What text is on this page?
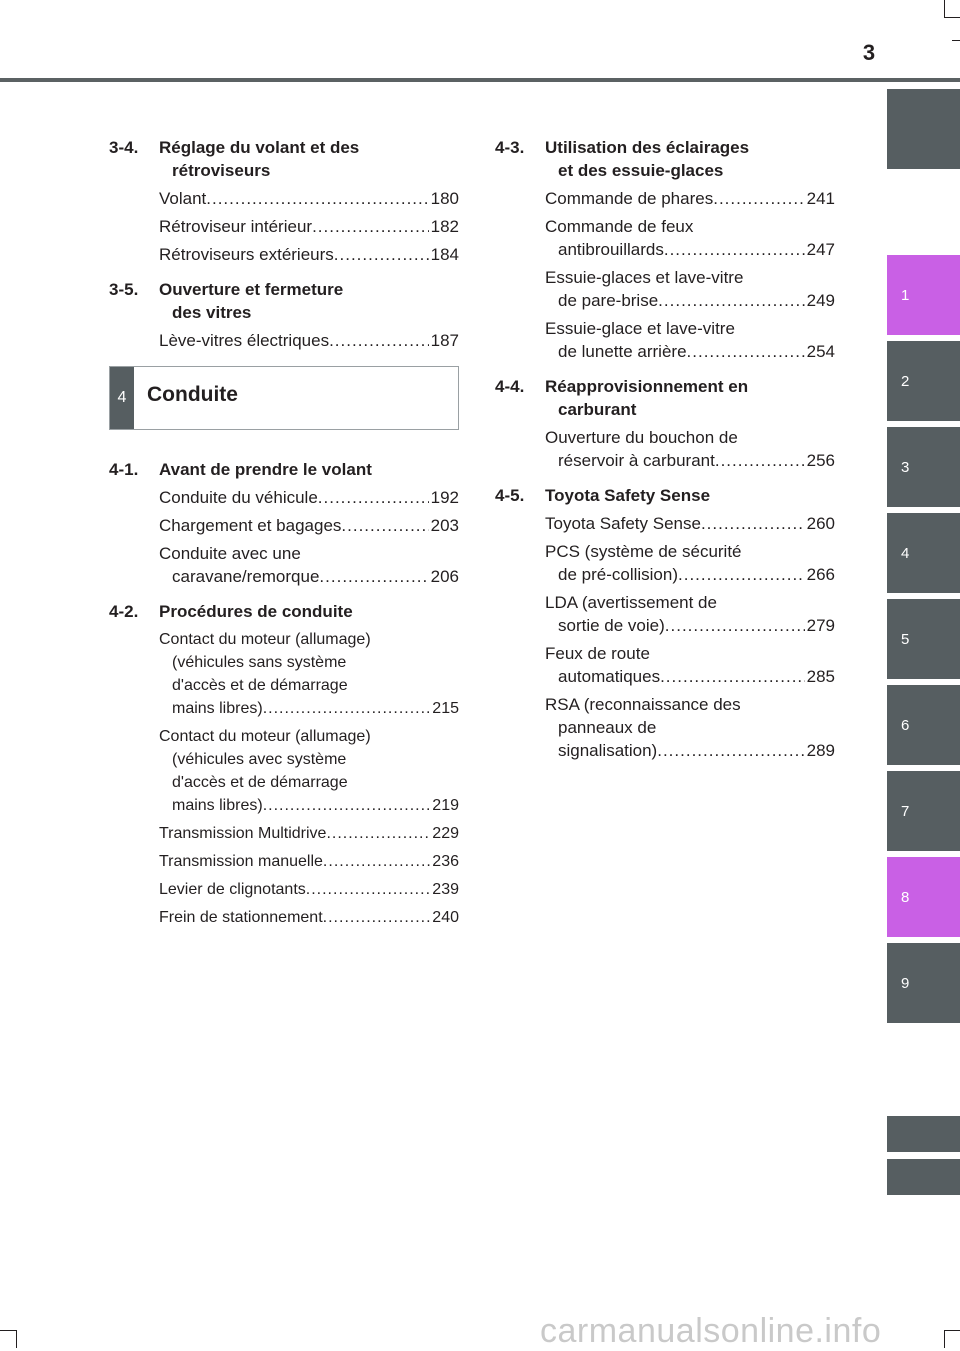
3
1
2
3
4
5
6
7
8
9
3-4.	Réglage du volant et des
rétroviseurs
Volant .....	180
Rétroviseur intérieur .....	182
Rétroviseurs extérieurs .....	184
3-5.	Ouverture et fermeture
des vitres
Lève-vitres électriques .....	187
4 Conduite
4-1.	Avant de prendre le volant
Conduite du véhicule .....	192
Chargement et bagages .....	203
Conduite avec une
caravane/remorque .....	206
4-2.	Procédures de conduite
Contact du moteur (allumage)
(véhicules sans système
d'accès et de démarrage
mains libres) .....	215
Contact du moteur (allumage)
(véhicules avec système
d'accès et de démarrage
mains libres) .....	219
Transmission Multidrive .....	229
Transmission manuelle .....	236
Levier de clignotants .....	239
Frein de stationnement .....	240
4-3.	Utilisation des éclairages
et des essuie-glaces
Commande de phares .....	241
Commande de feux
antibrouillards .....	247
Essuie-glaces et lave-vitre
de pare-brise .....	249
Essuie-glace et lave-vitre
de lunette arrière .....	254
4-4.	Réapprovisionnement en
carburant
Ouverture du bouchon de
réservoir à carburant .....	256
4-5.	Toyota Safety Sense
Toyota Safety Sense .....	260
PCS (système de sécurité
de pré-collision) .....	266
LDA (avertissement de
sortie de voie) .....	279
Feux de route
automatiques .....	285
RSA (reconnaissance des
panneaux de
signalisation) .....	289
carmanualsonline.info
